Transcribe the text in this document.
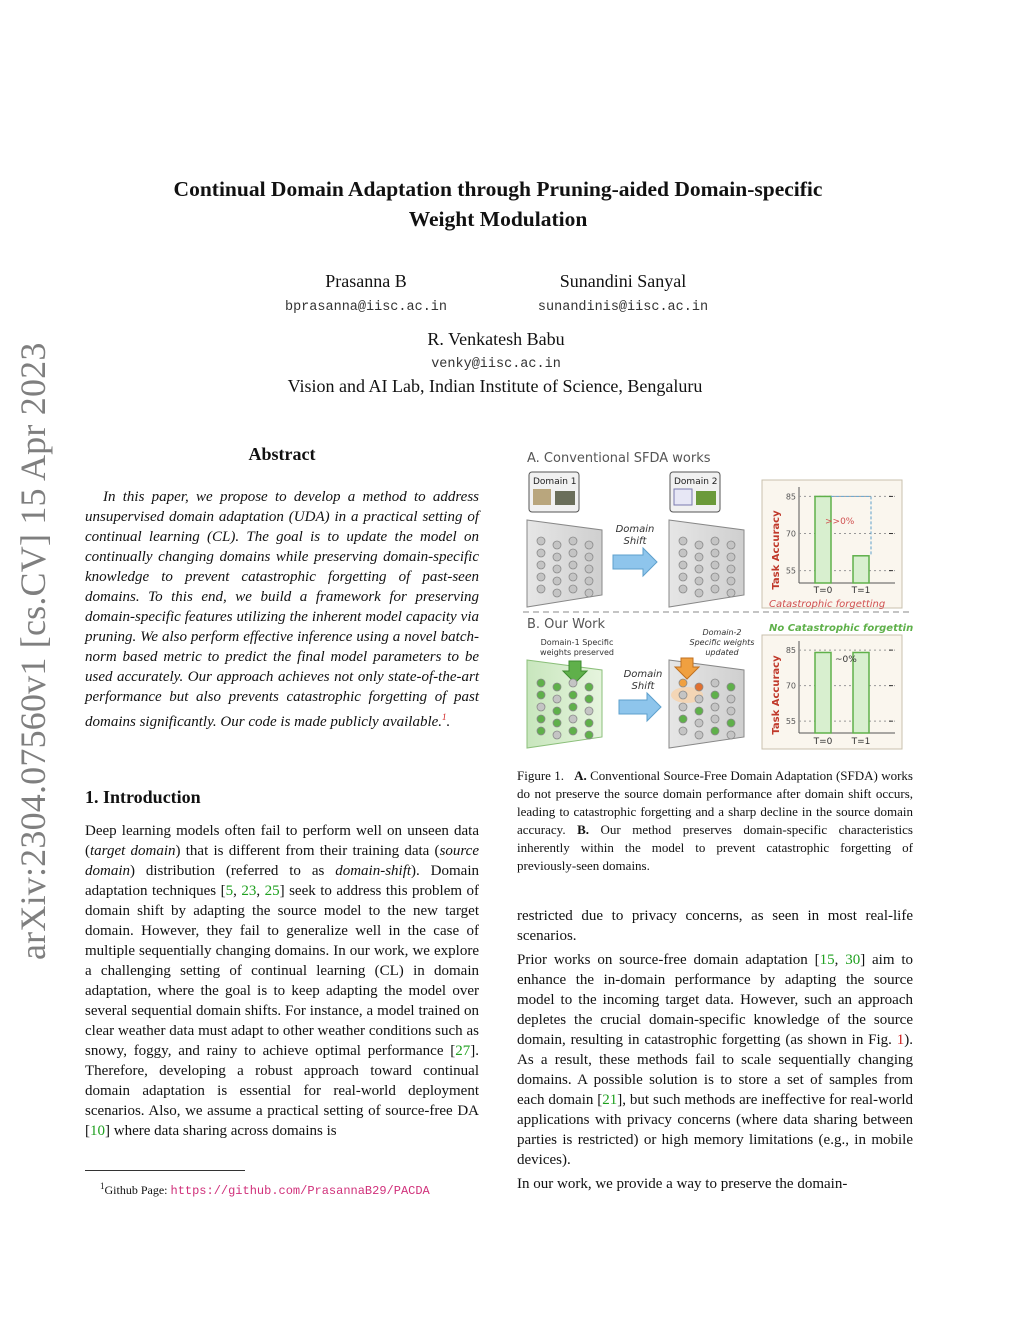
arXiv:2304.07560v1 [cs.CV] 15 Apr 2023
Continual Domain Adaptation through Pruning-aided Domain-specific
Weight Modulation
Prasanna B
bprasanna@iisc.ac.in
Sunandini Sanyal
sunandinis@iisc.ac.in
R. Venkatesh Babu
venky@iisc.ac.in
Vision and AI Lab, Indian Institute of Science, Bengaluru
Abstract
In this paper, we propose to develop a method to address unsupervised domain adaptation (UDA) in a practical setting of continual learning (CL). The goal is to update the model on continually changing domains while preserving domain-specific knowledge to prevent catastrophic forgetting of past-seen domains. To this end, we build a framework for preserving domain-specific features utilizing the inherent model capacity via pruning. We also perform effective inference using a novel batch-norm based metric to predict the final model parameters to be used accurately. Our approach achieves not only state-of-the-art performance but also prevents catastrophic forgetting of past domains significantly. Our code is made publicly available.$^1$.
1. Introduction
Deep learning models often fail to perform well on unseen data (target domain) that is different from their training data (source domain) distribution (referred to as domain-shift). Domain adaptation techniques [5, 23, 25] seek to address this problem of domain shift by adapting the source model to the new target domain. However, they fail to generalize well in the case of multiple sequentially changing domains. In our work, we explore a challenging setting of continual learning (CL) in domain adaptation, where the goal is to keep adapting the model over several sequential domain shifts. For instance, a model trained on clear weather data must adapt to other weather conditions such as snowy, foggy, and rainy to achieve optimal performance [27]. Therefore, developing a robust approach toward continual domain adaptation is essential for real-world deployment scenarios. Also, we assume a practical setting of source-free DA [10] where data sharing across domains is
$^1$Github Page: https://github.com/PrasannaB29/PACDA
A. Conventional SFDA works
Domain 1	Domain 2
Domain
Shift	Task Accuracy
85
70
55
T=0 T=1
>>0%
Catastrophic forgetting
B. Our Work	No Catastrophic forgetting
Domain-1 Specific
weights preserved
Domain-2
Specific weights
updated
Domain
Shift	Task Accuracy
85
70
55
T=0 T=1
~0%
Figure 1. A. Conventional Source-Free Domain Adaptation (SFDA) works do not preserve the source domain performance after domain shift occurs, leading to catastrophic forgetting and a sharp decline in the source domain accuracy. B. Our method preserves domain-specific characteristics inherently within the model to prevent catastrophic forgetting of previously-seen domains.

restricted due to privacy concerns, as seen in most real-life scenarios.

Prior works on source-free domain adaptation [15, 30] aim to enhance the in-domain performance by adapting the source model to the incoming target data. However, such an approach depletes the crucial domain-specific knowledge of the source domain, resulting in catastrophic forgetting (as shown in Fig. 1). As a result, these methods fail to scale sequentially changing domains. A possible solution is to store a set of samples from each domain [21], but such methods are ineffective for real-world applications with privacy concerns (where data sharing between parties is restricted) or high memory limitations (e.g., in mobile devices).

In our work, we provide a way to preserve the domain-
